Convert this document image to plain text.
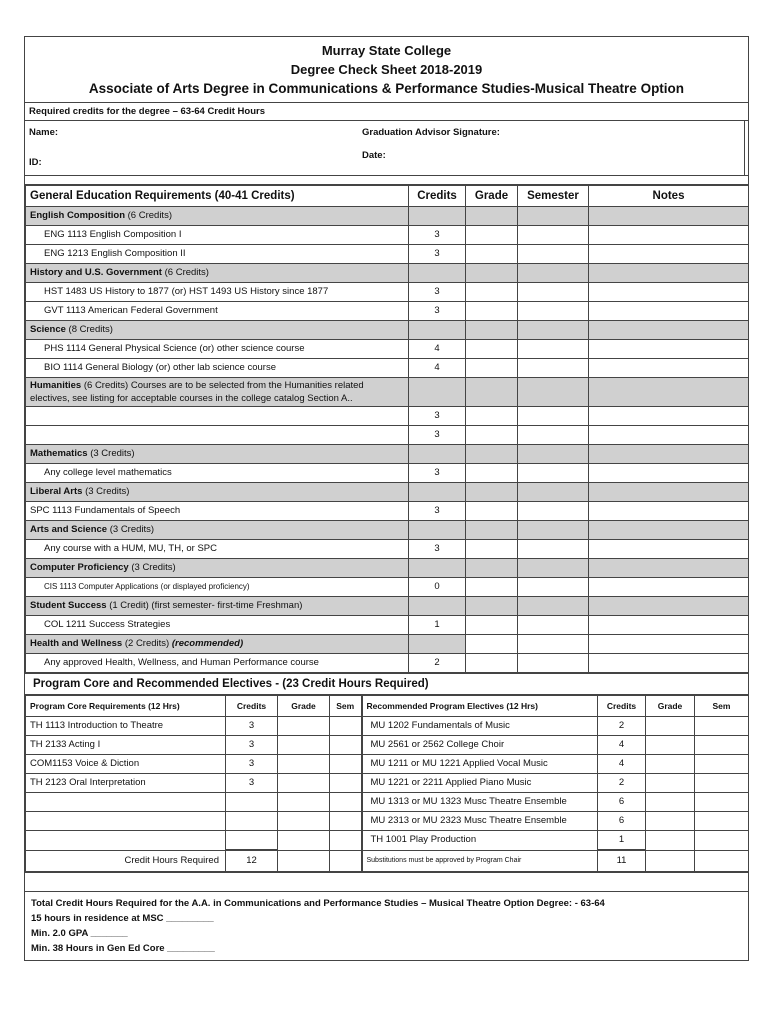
Murray State College
Degree Check Sheet 2018-2019
Associate of Arts Degree in Communications & Performance Studies-Musical Theatre Option
Required credits for the degree – 63-64 Credit Hours
Name:
ID:
Graduation Advisor Signature:
Date:
General Education Requirements (40-41 Credits)	Credits	Grade	Semester	Notes
English Composition (6 Credits)				
ENG 1113 English Composition I	3			
ENG 1213 English Composition II	3			
History and U.S. Government (6 Credits)				
HST 1483 US History to 1877 (or) HST 1493 US History since 1877	3			
GVT 1113 American Federal Government	3			
Science (8 Credits)				
PHS 1114 General Physical Science (or) other science course	4			
BIO 1114 General Biology (or) other lab science course	4			
Humanities (6 Credits) Courses are to be selected from the Humanities related electives, see listing for acceptable courses in the college catalog Section A..				
	3			
	3			
Mathematics (3 Credits)				
Any college level mathematics	3			
Liberal Arts (3 Credits)				
SPC 1113 Fundamentals of Speech	3			
Arts and Science (3 Credits)				
Any course with a HUM, MU, TH, or SPC	3			
Computer Proficiency (3 Credits)				
CIS 1113 Computer Applications (or displayed proficiency)	0			
Student Success (1 Credit) (first semester- first-time Freshman)				
COL 1211 Success Strategies	1			
Health and Wellness (2 Credits) (recommended)				
Any approved Health, Wellness, and Human Performance course	2			
Program Core and Recommended Electives - (23 Credit Hours Required)
Program Core Requirements (12 Hrs)	Credits	Grade	Sem	Recommended Program Electives (12 Hrs)	Credits	Grade	Sem
TH 1113 Introduction to Theatre	3			MU 1202 Fundamentals of Music	2		
TH 2133 Acting I	3			MU 2561 or 2562 College Choir	4		
COM1153 Voice & Diction	3			MU 1211 or MU 1221 Applied Vocal Music	4		
TH 2123 Oral Interpretation	3			MU 1221 or 2211 Applied Piano Music	2		
				MU 1313 or MU 1323 Musc Theatre Ensemble	6		
				MU 2313 or MU 2323 Musc Theatre Ensemble	6		
				TH 1001 Play Production	1		
Credit Hours Required	12			Substitutions must be approved by Program Chair	11		
Total Credit Hours Required for the A.A. in Communications and Performance Studies – Musical Theatre Option Degree: - 63-64
15 hours in residence at MSC _________
Min. 2.0 GPA _______
Min. 38 Hours in Gen Ed Core _________
